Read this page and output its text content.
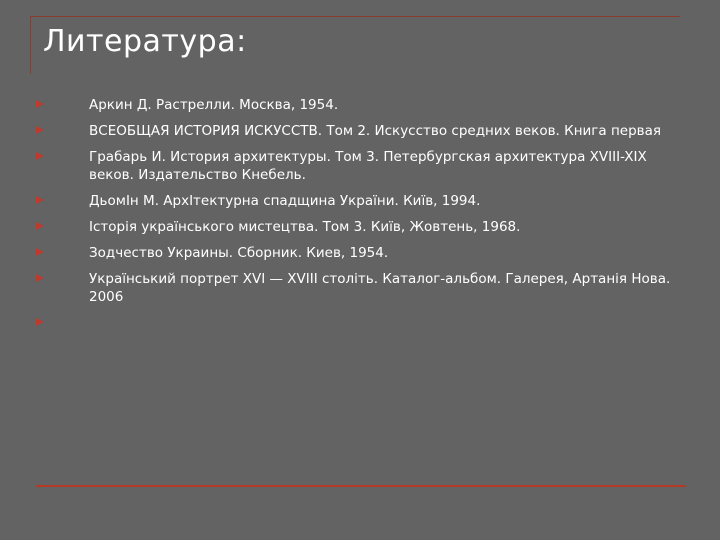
Литература:
Аркин Д. Растрелли. Москва, 1954.
ВСЕОБЩАЯ ИСТОРИЯ ИСКУССТВ. Том 2. Искусство средних веков. Книга первая
Грабарь И. История архитектуры. Том 3. Петербургская архитектура XVIII-XIX веков. Издательство Кнебель.
ДьомІн М. АрхІтектурна спадщина України. Київ, 1994.
Історія українського мистецтва. Том 3. Київ, Жовтень, 1968.
Зодчество Украины. Сборник. Киев, 1954.
Український портрет XVI — XVIII століть. Каталог-альбом. Галерея, Артанія Нова. 2006
